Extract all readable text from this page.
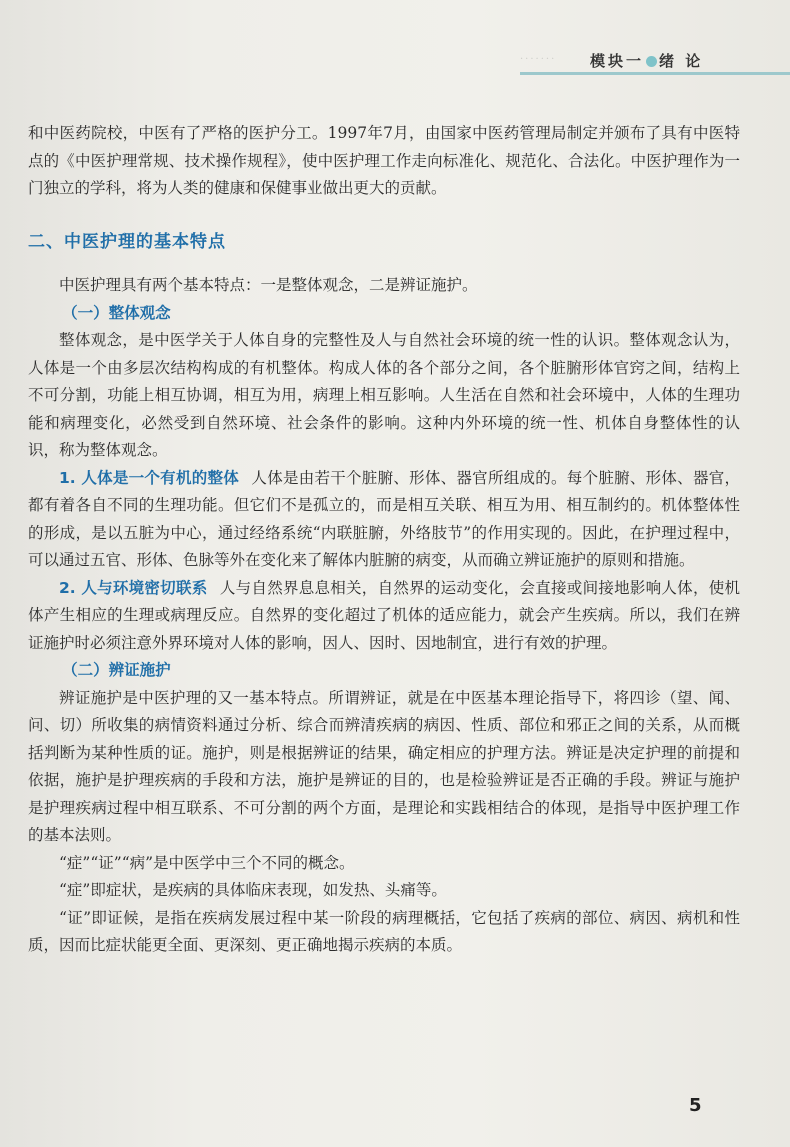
······· 模块一 绪 论

和中医药院校，中医有了严格的医护分工。1997年7月，由国家中医药管理局制定并颁布了具有中医特点的《中医护理常规、技术操作规程》，使中医护理工作走向标准化、规范化、合法化。中医护理作为一门独立的学科，将为人类的健康和保健事业做出更大的贡献。

二、中医护理的基本特点

中医护理具有两个基本特点：一是整体观念，二是辨证施护。

（一）整体观念

整体观念，是中医学关于人体自身的完整性及人与自然社会环境的统一性的认识。整体观念认为，人体是一个由多层次结构构成的有机整体。构成人体的各个部分之间，各个脏腑形体官窍之间，结构上不可分割，功能上相互协调，相互为用，病理上相互影响。人生活在自然和社会环境中，人体的生理功能和病理变化，必然受到自然环境、社会条件的影响。这种内外环境的统一性、机体自身整体性的认识，称为整体观念。

1. 人体是一个有机的整体 人体是由若干个脏腑、形体、器官所组成的。每个脏腑、形体、器官，都有着各自不同的生理功能。但它们不是孤立的，而是相互关联、相互为用、相互制约的。机体整体性的形成，是以五脏为中心，通过经络系统“内联脏腑，外络肢节”的作用实现的。因此，在护理过程中，可以通过五官、形体、色脉等外在变化来了解体内脏腑的病变，从而确立辨证施护的原则和措施。

2. 人与环境密切联系 人与自然界息息相关，自然界的运动变化，会直接或间接地影响人体，使机体产生相应的生理或病理反应。自然界的变化超过了机体的适应能力，就会产生疾病。所以，我们在辨证施护时必须注意外界环境对人体的影响，因人、因时、因地制宜，进行有效的护理。

（二）辨证施护

辨证施护是中医护理的又一基本特点。所谓辨证，就是在中医基本理论指导下，将四诊（望、闻、问、切）所收集的病情资料通过分析、综合而辨清疾病的病因、性质、部位和邪正之间的关系，从而概括判断为某种性质的证。施护，则是根据辨证的结果，确定相应的护理方法。辨证是决定护理的前提和依据，施护是护理疾病的手段和方法，施护是辨证的目的，也是检验辨证是否正确的手段。辨证与施护是护理疾病过程中相互联系、不可分割的两个方面，是理论和实践相结合的体现，是指导中医护理工作的基本法则。

“症”“证”“病”是中医学中三个不同的概念。

“症”即症状，是疾病的具体临床表现，如发热、头痛等。

“证”即证候，是指在疾病发展过程中某一阶段的病理概括，它包括了疾病的部位、病因、病机和性质，因而比症状能更全面、更深刻、更正确地揭示疾病的本质。

5
